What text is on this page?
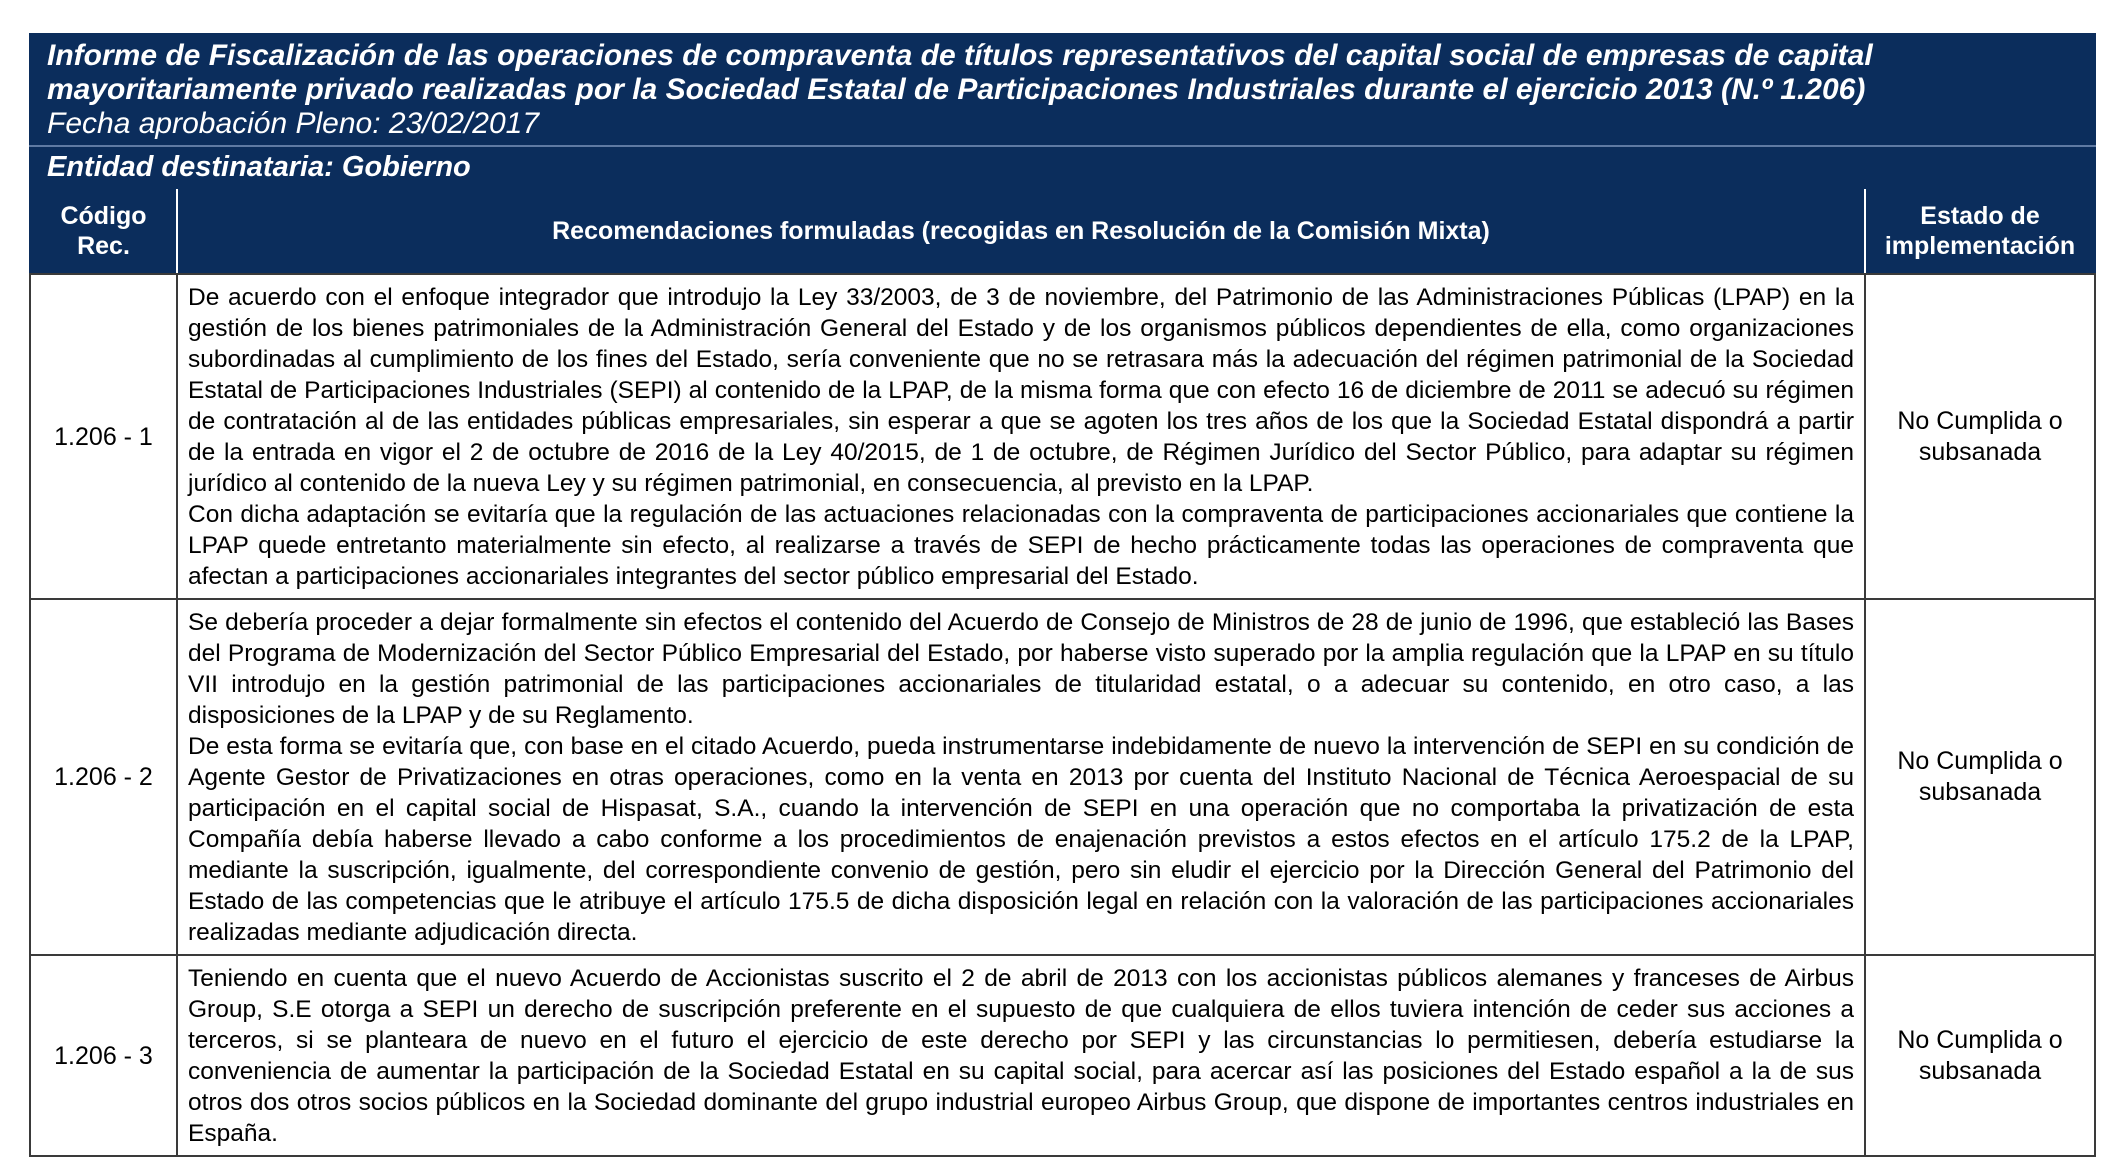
Informe de Fiscalización de las operaciones de compraventa de títulos representativos del capital social de empresas de capital mayoritariamente privado realizadas por la Sociedad Estatal de Participaciones Industriales durante el ejercicio 2013 (N.º 1.206)

Fecha aprobación Pleno: 23/02/2017		

Entidad destinataria: Gobierno		
Código Rec.	Recomendaciones formuladas (recogidas en Resolución de la Comisión Mixta)	Estado de implementación
1.206 - 1	De acuerdo con el enfoque integrador que introdujo la Ley 33/2003, de 3 de noviembre, del Patrimonio de las Administraciones Públicas (LPAP) en la gestión de los bienes patrimoniales de la Administración General del Estado y de los organismos públicos dependientes de ella, como organizaciones subordinadas al cumplimiento de los fines del Estado, sería conveniente que no se retrasara más la adecuación del régimen patrimonial de la Sociedad Estatal de Participaciones Industriales (SEPI) al contenido de la LPAP, de la misma forma que con efecto 16 de diciembre de 2011 se adecuó su régimen de contratación al de las entidades públicas empresariales, sin esperar a que se agoten los tres años de los que la Sociedad Estatal dispondrá a partir de la entrada en vigor el 2 de octubre de 2016 de la Ley 40/2015, de 1 de octubre, de Régimen Jurídico del Sector Público, para adaptar su régimen jurídico al contenido de la nueva Ley y su régimen patrimonial, en consecuencia, al previsto en la LPAP.

Con dicha adaptación se evitaría que la regulación de las actuaciones relacionadas con la compraventa de participaciones accionariales que contiene la LPAP quede entretanto materialmente sin efecto, al realizarse a través de SEPI de hecho prácticamente todas las operaciones de compraventa que afectan a participaciones accionariales integrantes del sector público empresarial del Estado.	No Cumplida o subsanada
1.206 - 2	Se debería proceder a dejar formalmente sin efectos el contenido del Acuerdo de Consejo de Ministros de 28 de junio de 1996, que estableció las Bases del Programa de Modernización del Sector Público Empresarial del Estado, por haberse visto superado por la amplia regulación que la LPAP en su título VII introdujo en la gestión patrimonial de las participaciones accionariales de titularidad estatal, o a adecuar su contenido, en otro caso, a las disposiciones de la LPAP y de su Reglamento.

De esta forma se evitaría que, con base en el citado Acuerdo, pueda instrumentarse indebidamente de nuevo la intervención de SEPI en su condición de Agente Gestor de Privatizaciones en otras operaciones, como en la venta en 2013 por cuenta del Instituto Nacional de Técnica Aeroespacial de su participación en el capital social de Hispasat, S.A., cuando la intervención de SEPI en una operación que no comportaba la privatización de esta Compañía debía haberse llevado a cabo conforme a los procedimientos de enajenación previstos a estos efectos en el artículo 175.2 de la LPAP, mediante la suscripción, igualmente, del correspondiente convenio de gestión, pero sin eludir el ejercicio por la Dirección General del Patrimonio del Estado de las competencias que le atribuye el artículo 175.5 de dicha disposición legal en relación con la valoración de las participaciones accionariales realizadas mediante adjudicación directa.	No Cumplida o subsanada
1.206 - 3	Teniendo en cuenta que el nuevo Acuerdo de Accionistas suscrito el 2 de abril de 2013 con los accionistas públicos alemanes y franceses de Airbus Group, S.E otorga a SEPI un derecho de suscripción preferente en el supuesto de que cualquiera de ellos tuviera intención de ceder sus acciones a terceros, si se planteara de nuevo en el futuro el ejercicio de este derecho por SEPI y las circunstancias lo permitiesen, debería estudiarse la conveniencia de aumentar la participación de la Sociedad Estatal en su capital social, para acercar así las posiciones del Estado español a la de sus otros dos otros socios públicos en la Sociedad dominante del grupo industrial europeo Airbus Group, que dispone de importantes centros industriales en España.	No Cumplida o subsanada
